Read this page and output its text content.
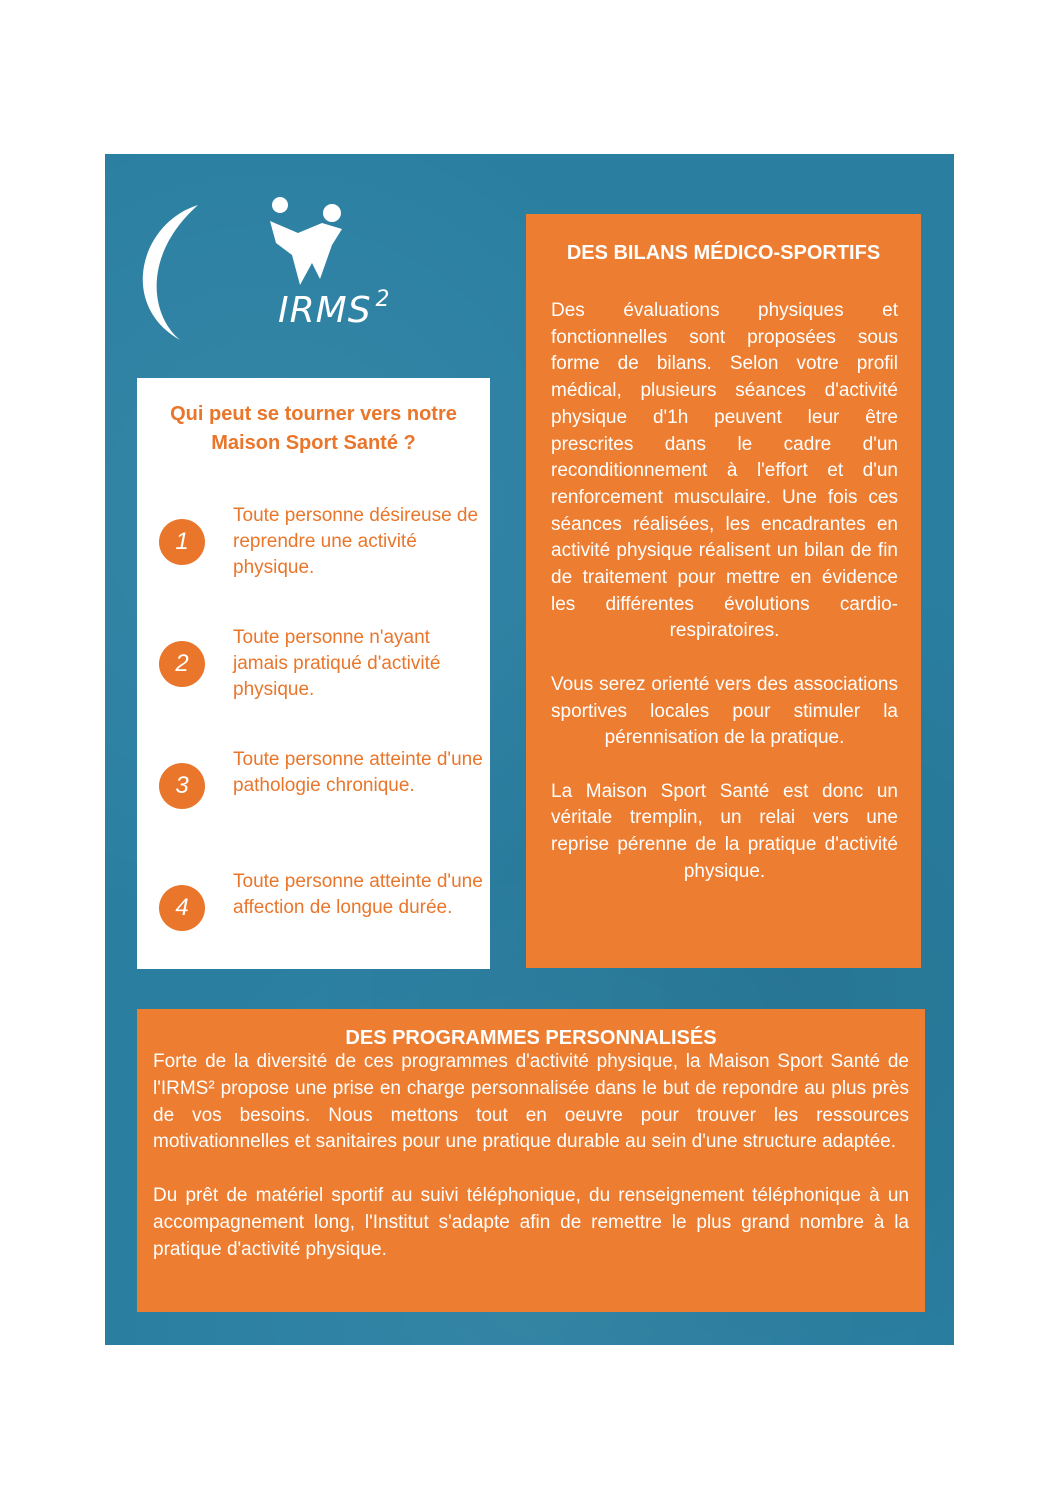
IRMS $^2$
Qui peut se tourner vers notre Maison Sport Santé ?
1
Toute personne désireuse de reprendre une activité physique.
2
Toute personne n'ayant jamais pratiqué d'activité physique.
3
Toute personne atteinte d'une pathologie chronique.
4
Toute personne atteinte d'une affection de longue durée.
DES BILANS MÉDICO-SPORTIFS

Des évaluations physiques et fonctionnelles sont proposées sous forme de bilans. Selon votre profil médical, plusieurs séances d'activité physique d'1h peuvent leur être prescrites dans le cadre d'un reconditionnement à l'effort et d'un renforcement musculaire. Une fois ces séances réalisées, les encadrantes en activité physique réalisent un bilan de fin de traitement pour mettre en évidence les différentes évolutions cardio-respiratoires.

Vous serez orienté vers des associations sportives locales pour stimuler la pérennisation de la pratique.

La Maison Sport Santé est donc un véritale tremplin, un relai vers une reprise pérenne de la pratique d'activité physique.

DES PROGRAMMES PERSONNALISÉS

Forte de la diversité de ces programmes d'activité physique, la Maison Sport Santé de l'IRMS² propose une prise en charge personnalisée dans le but de repondre au plus près de vos besoins. Nous mettons tout en oeuvre pour trouver les ressources motivationnelles et sanitaires pour une pratique durable au sein d'une structure adaptée.

Du prêt de matériel sportif au suivi téléphonique, du renseignement téléphonique à un accompagnement long, l'Institut s'adapte afin de remettre le plus grand nombre à la pratique d'activité physique.
